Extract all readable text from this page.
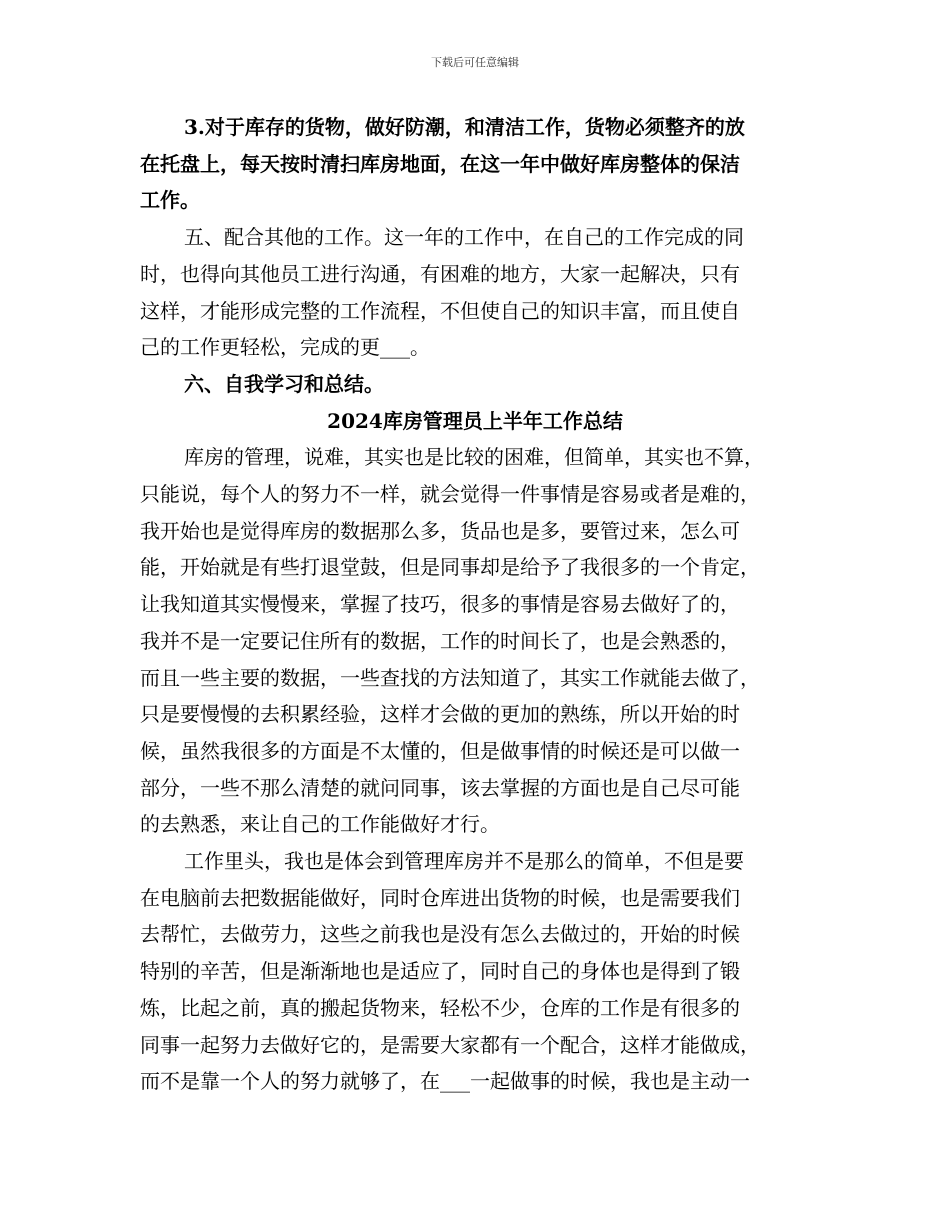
下载后可任意编辑
3.对于库存的货物，做好防潮，和清洁工作，货物必须整齐的放
在托盘上，每天按时清扫库房地面，在这一年中做好库房整体的保洁
工作。
五、配合其他的工作。这一年的工作中，在自己的工作完成的同
时，也得向其他员工进行沟通，有困难的地方，大家一起解决，只有
这样，才能形成完整的工作流程，不但使自己的知识丰富，而且使自
己的工作更轻松，完成的更___。
六、自我学习和总结。
2024库房管理员上半年工作总结
库房的管理，说难，其实也是比较的困难，但简单，其实也不算，
只能说，每个人的努力不一样，就会觉得一件事情是容易或者是难的，
我开始也是觉得库房的数据那么多，货品也是多，要管过来，怎么可
能，开始就是有些打退堂鼓，但是同事却是给予了我很多的一个肯定，
让我知道其实慢慢来，掌握了技巧，很多的事情是容易去做好了的，
我并不是一定要记住所有的数据，工作的时间长了，也是会熟悉的，
而且一些主要的数据，一些查找的方法知道了，其实工作就能去做了，
只是要慢慢的去积累经验，这样才会做的更加的熟练，所以开始的时
候，虽然我很多的方面是不太懂的，但是做事情的时候还是可以做一
部分，一些不那么清楚的就问同事，该去掌握的方面也是自己尽可能
的去熟悉，来让自己的工作能做好才行。
工作里头，我也是体会到管理库房并不是那么的简单，不但是要
在电脑前去把数据能做好，同时仓库进出货物的时候，也是需要我们
去帮忙，去做劳力，这些之前我也是没有怎么去做过的，开始的时候
特别的辛苦，但是渐渐地也是适应了，同时自己的身体也是得到了锻
炼，比起之前，真的搬起货物来，轻松不少，仓库的工作是有很多的
同事一起努力去做好它的，是需要大家都有一个配合，这样才能做成，
而不是靠一个人的努力就够了，在___一起做事的时候，我也是主动一
